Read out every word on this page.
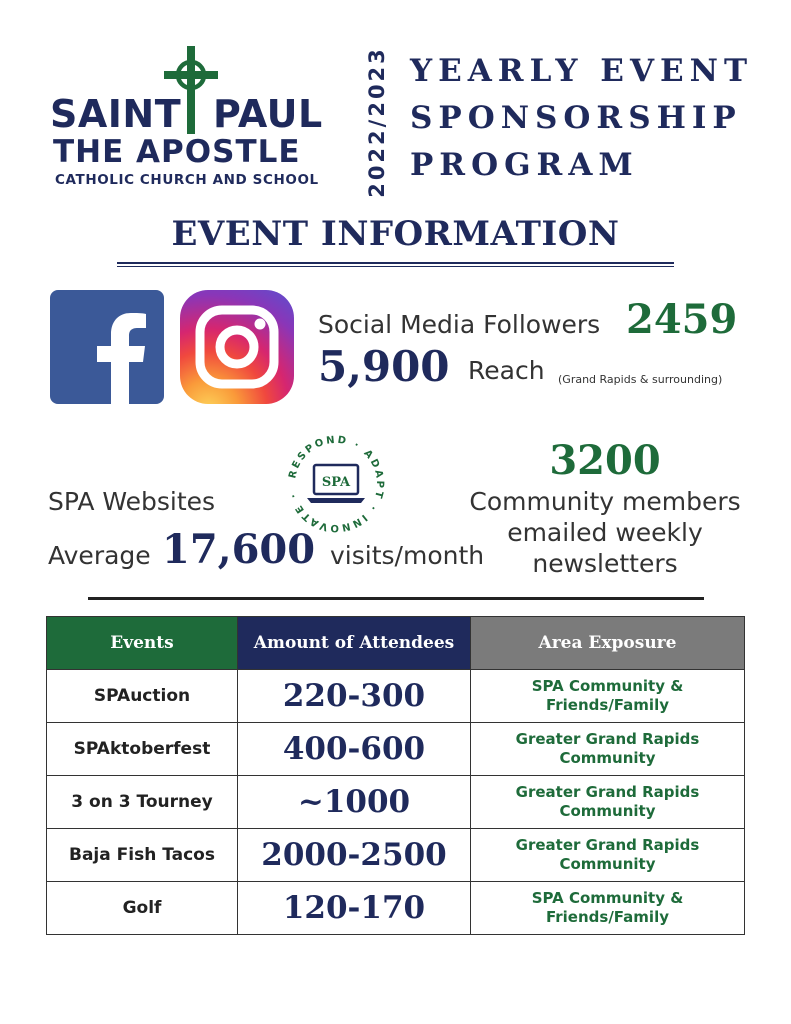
SAINT PAUL
THE APOSTLE
CATHOLIC CHURCH AND SCHOOL 2022/2023 YEARLY EVENT
SPONSORSHIP
PROGRAM
EVENT INFORMATION
Social Media Followers 2459
5,900 Reach (Grand Rapids & surrounding)
SPA Websites
Average 17,600 visits/month
RESPOND · ADAPT · INNOVATE ·
SPA	3200
Community members
emailed weekly
newsletters
Events	Amount of Attendees	Area Exposure
SPAuction	220-300	SPA Community &
Friends/Family

SPAktoberfest	400-600	Greater Grand Rapids
Community

3 on 3 Tourney	~1000	Greater Grand Rapids
Community

Baja Fish Tacos	2000-2500	Greater Grand Rapids
Community

Golf	120-170	SPA Community &
Friends/Family
